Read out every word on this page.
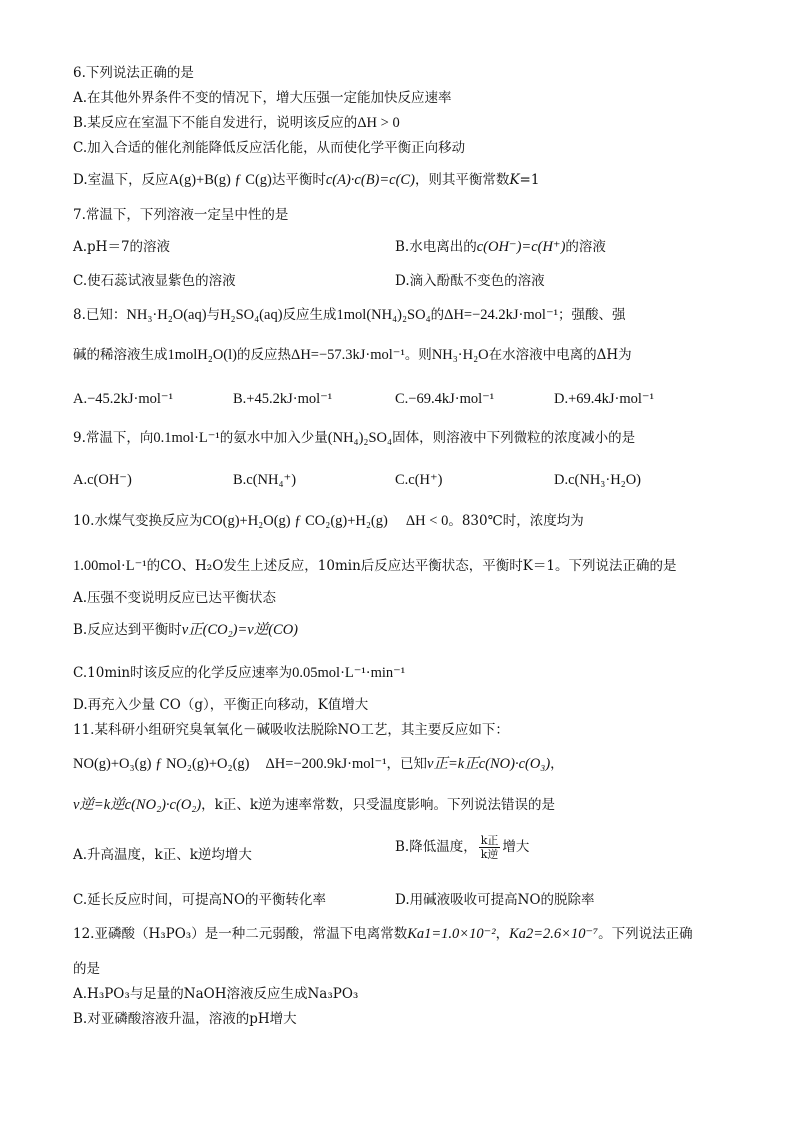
6.下列说法正确的是
A.在其他外界条件不变的情况下，增大压强一定能加快反应速率
B.某反应在室温下不能自发进行，说明该反应的ΔH > 0
C.加入合适的催化剂能降低反应活化能，从而使化学平衡正向移动
D.室温下，反应A(g)+B(g) ƒ C(g)达平衡时c(A)·c(B)=c(C)，则其平衡常数K=1
7.常温下，下列溶液一定呈中性的是
A.pH＝7的溶液	B.水电离出的c(OH⁻)=c(H⁺)的溶液
C.使石蕊试液显紫色的溶液	D.滴入酚酞不变色的溶液
8.已知：NH₃·H₂O(aq)与H₂SO₄(aq)反应生成1mol(NH₄)₂SO₄的ΔH=−24.2kJ·mol⁻¹；强酸、强
碱的稀溶液生成1molH₂O(l)的反应热ΔH=−57.3kJ·mol⁻¹。则NH₃·H₂O在水溶液中电离的ΔH为
A.−45.2kJ·mol⁻¹	B.+45.2kJ·mol⁻¹	C.−69.4kJ·mol⁻¹	D.+69.4kJ·mol⁻¹
9.常温下，向0.1mol·L⁻¹的氨水中加入少量(NH₄)₂SO₄固体，则溶液中下列微粒的浓度减小的是
A.c(OH⁻)	B.c(NH₄⁺)	C.c(H⁺)	D.c(NH₃·H₂O)
10.水煤气变换反应为CO(g)+H₂O(g) ƒ CO₂(g)+H₂(g) ΔH < 0。830℃时，浓度均为
1.00mol·L⁻¹的CO、H₂O发生上述反应，10min后反应达平衡状态，平衡时K＝1。下列说法正确的是
A.压强不变说明反应已达平衡状态
B.反应达到平衡时v正(CO₂)=v逆(CO)
C.10min时该反应的化学反应速率为0.05mol·L⁻¹·min⁻¹
D.再充入少量 CO（g），平衡正向移动，K值增大
11.某科研小组研究臭氧氧化－碱吸收法脱除NO工艺，其主要反应如下：
NO(g)+O₃(g) ƒ NO₂(g)+O₂(g) ΔH=−200.9kJ·mol⁻¹，已知v正=k正c(NO)·c(O₃)，
v逆=k逆c(NO₂)·c(O₂)，k正、k逆为速率常数，只受温度影响。下列说法错误的是
A.升高温度，k正、k逆均增大	B.降低温度， $\frac{\text{k正}}{\text{k逆}}$ 增大
C.延长反应时间，可提高NO的平衡转化率	D.用碱液吸收可提高NO的脱除率
12.亚磷酸（H₃PO₃）是一种二元弱酸，常温下电离常数Ka1=1.0×10⁻²，Ka2=2.6×10⁻⁷。下列说法正确
的是
A.H₃PO₃与足量的NaOH溶液反应生成Na₃PO₃
B.对亚磷酸溶液升温，溶液的pH增大
